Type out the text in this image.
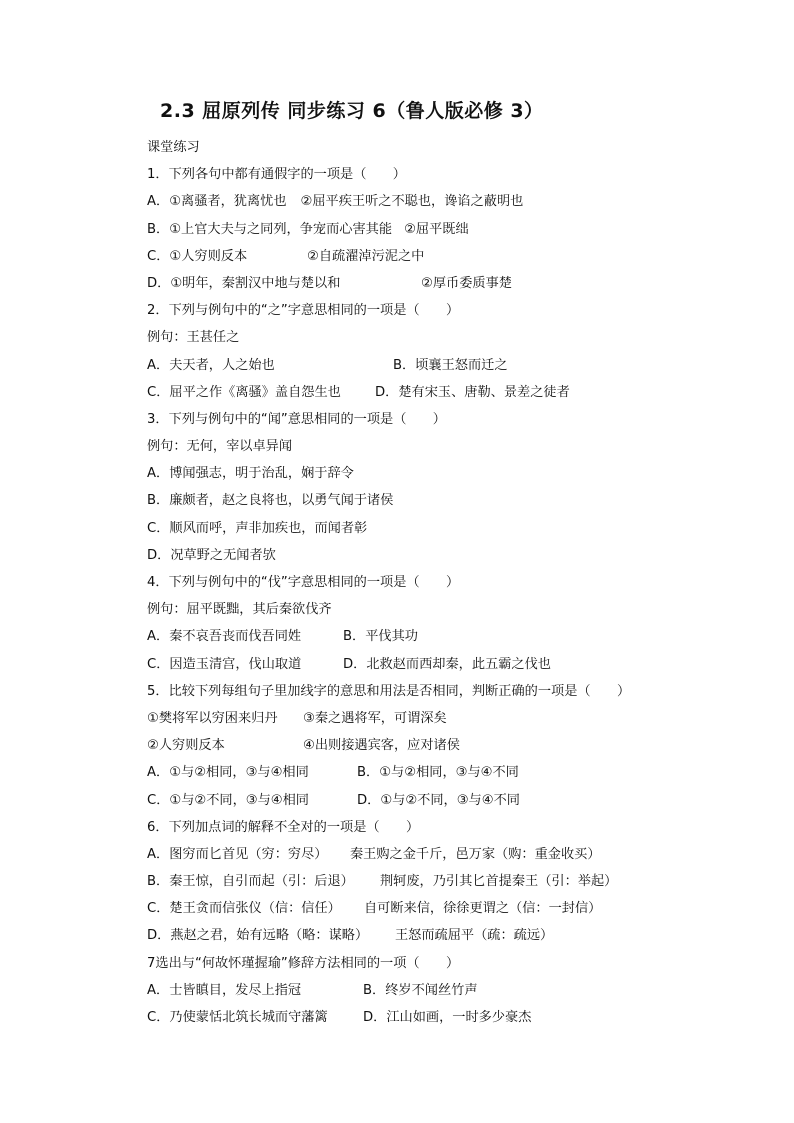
2.3 屈原列传 同步练习 6（鲁人版必修 3）
课堂练习
1．下列各句中都有通假字的一项是（　　）
A．①离骚者，犹离忧也 ②屈平疾王听之不聪也，谗谄之蔽明也
B．①上官大夫与之同列，争宠而心害其能 ②屈平既绌
C．①人穷则反本	②自疏濯淖污泥之中
D．①明年，秦割汉中地与楚以和	②厚币委质事楚
2．下列与例句中的“之”字意思相同的一项是（　　）
例句：王甚任之
A．夫天者，人之始也	B．顷襄王怒而迁之
C．屈平之作《离骚》盖自怨生也	D．楚有宋玉、唐勒、景差之徒者
3．下列与例句中的“闻”意思相同的一项是（　　）
例句：无何，宰以卓异闻
A．博闻强志，明于治乱，娴于辞令
B．廉颇者，赵之良将也，以勇气闻于诸侯
C．顺风而呼，声非加疾也，而闻者彰
D．况草野之无闻者欤
4．下列与例句中的“伐”字意思相同的一项是（　　）
例句：屈平既黜，其后秦欲伐齐
A．秦不哀吾丧而伐吾同姓	B．平伐其功
C．因造玉清宫，伐山取道	D．北救赵而西却秦，此五霸之伐也
5．比较下列每组句子里加线字的意思和用法是否相同，判断正确的一项是（　　）
①樊将军以穷困来归丹 ③秦之遇将军，可谓深矣
②人穷则反本	④出则接遇宾客，应对诸侯
A．①与②相同，③与④相同	B．①与②相同，③与④不同
C．①与②不同，③与④相同	D．①与②不同，③与④不同
6．下列加点词的解释不全对的一项是（　　）
A．图穷而匕首见（穷：穷尽） 秦王购之金千斤，邑万家（购：重金收买）
B．秦王惊，自引而起（引：后退） 荆轲废，乃引其匕首提秦王（引：举起）
C．楚王贪而信张仪（信：信任） 自可断来信，徐徐更谓之（信：一封信）
D．燕赵之君，始有远略（略：谋略） 王怒而疏屈平（疏：疏远）
7选出与“何故怀瑾握瑜”修辞方法相同的一项（　　）
A．士皆瞋目，发尽上指冠	B．终岁不闻丝竹声
C．乃使蒙恬北筑长城而守藩篱	D．江山如画，一时多少豪杰
